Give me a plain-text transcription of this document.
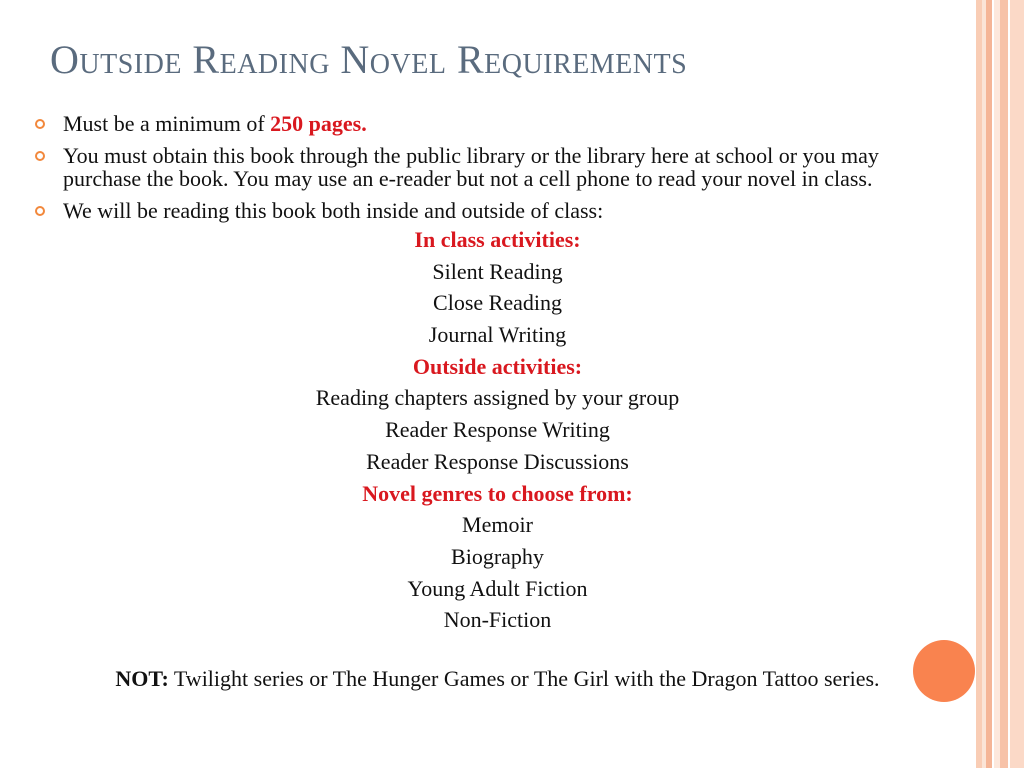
Outside Reading Novel Requirements
Must be a minimum of 250 pages.
You must obtain this book through the public library or the library here at school or you may purchase the book. You may use an e-reader but not a cell phone to read your novel in class.
We will be reading this book both inside and outside of class:
In class activities:
Silent Reading
Close Reading
Journal Writing
Outside activities:
Reading chapters assigned by your group
Reader Response Writing
Reader Response Discussions
Novel genres to choose from:
Memoir
Biography
Young Adult Fiction
Non-Fiction
NOT: Twilight series or The Hunger Games or The Girl with the Dragon Tattoo series.
